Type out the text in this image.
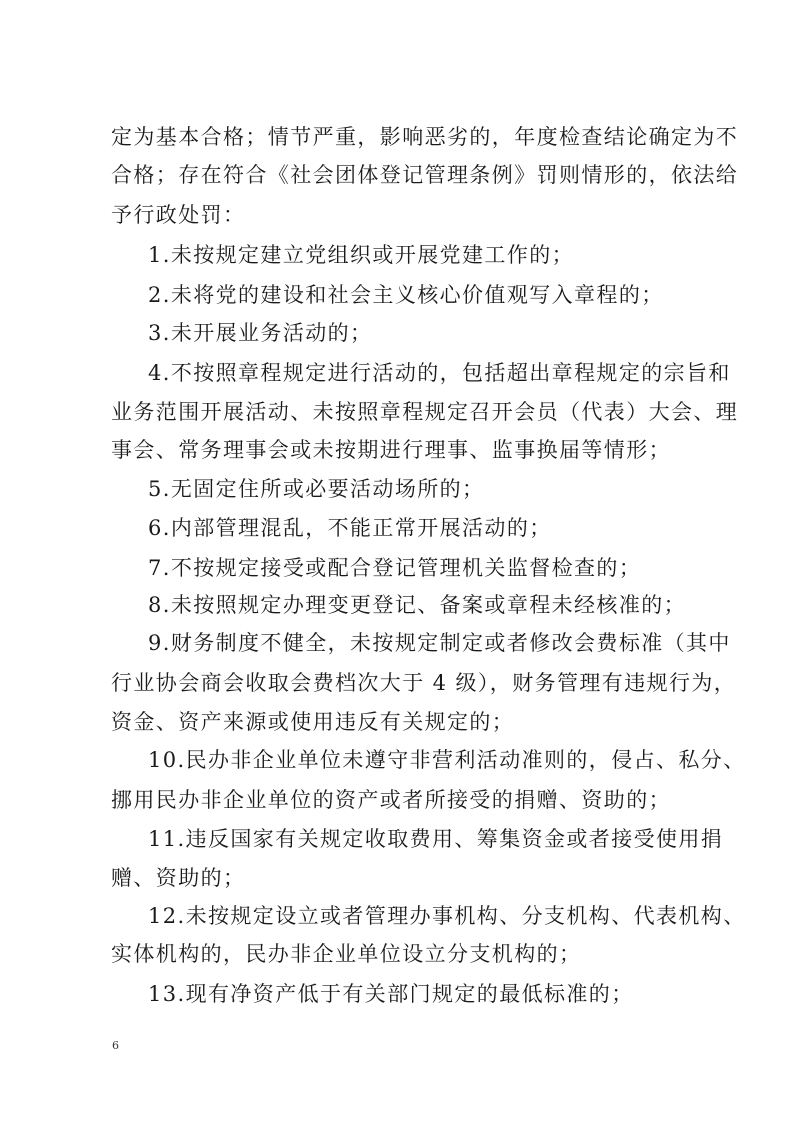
定为基本合格；情节严重，影响恶劣的，年度检查结论确定为不
合格；存在符合《社会团体登记管理条例》罚则情形的，依法给
予行政处罚：
1.未按规定建立党组织或开展党建工作的；
2.未将党的建设和社会主义核心价值观写入章程的；
3.未开展业务活动的；
4.不按照章程规定进行活动的，包括超出章程规定的宗旨和
业务范围开展活动、未按照章程规定召开会员（代表）大会、理
事会、常务理事会或未按期进行理事、监事换届等情形；
5.无固定住所或必要活动场所的；
6.内部管理混乱，不能正常开展活动的；
7.不按规定接受或配合登记管理机关监督检查的；
8.未按照规定办理变更登记、备案或章程未经核准的；
9.财务制度不健全，未按规定制定或者修改会费标准（其中
行业协会商会收取会费档次大于 4 级），财务管理有违规行为，
资金、资产来源或使用违反有关规定的；
10.民办非企业单位未遵守非营利活动准则的，侵占、私分、
挪用民办非企业单位的资产或者所接受的捐赠、资助的；
11.违反国家有关规定收取费用、筹集资金或者接受使用捐
赠、资助的；
12.未按规定设立或者管理办事机构、分支机构、代表机构、
实体机构的，民办非企业单位设立分支机构的；
13.现有净资产低于有关部门规定的最低标准的；
6
